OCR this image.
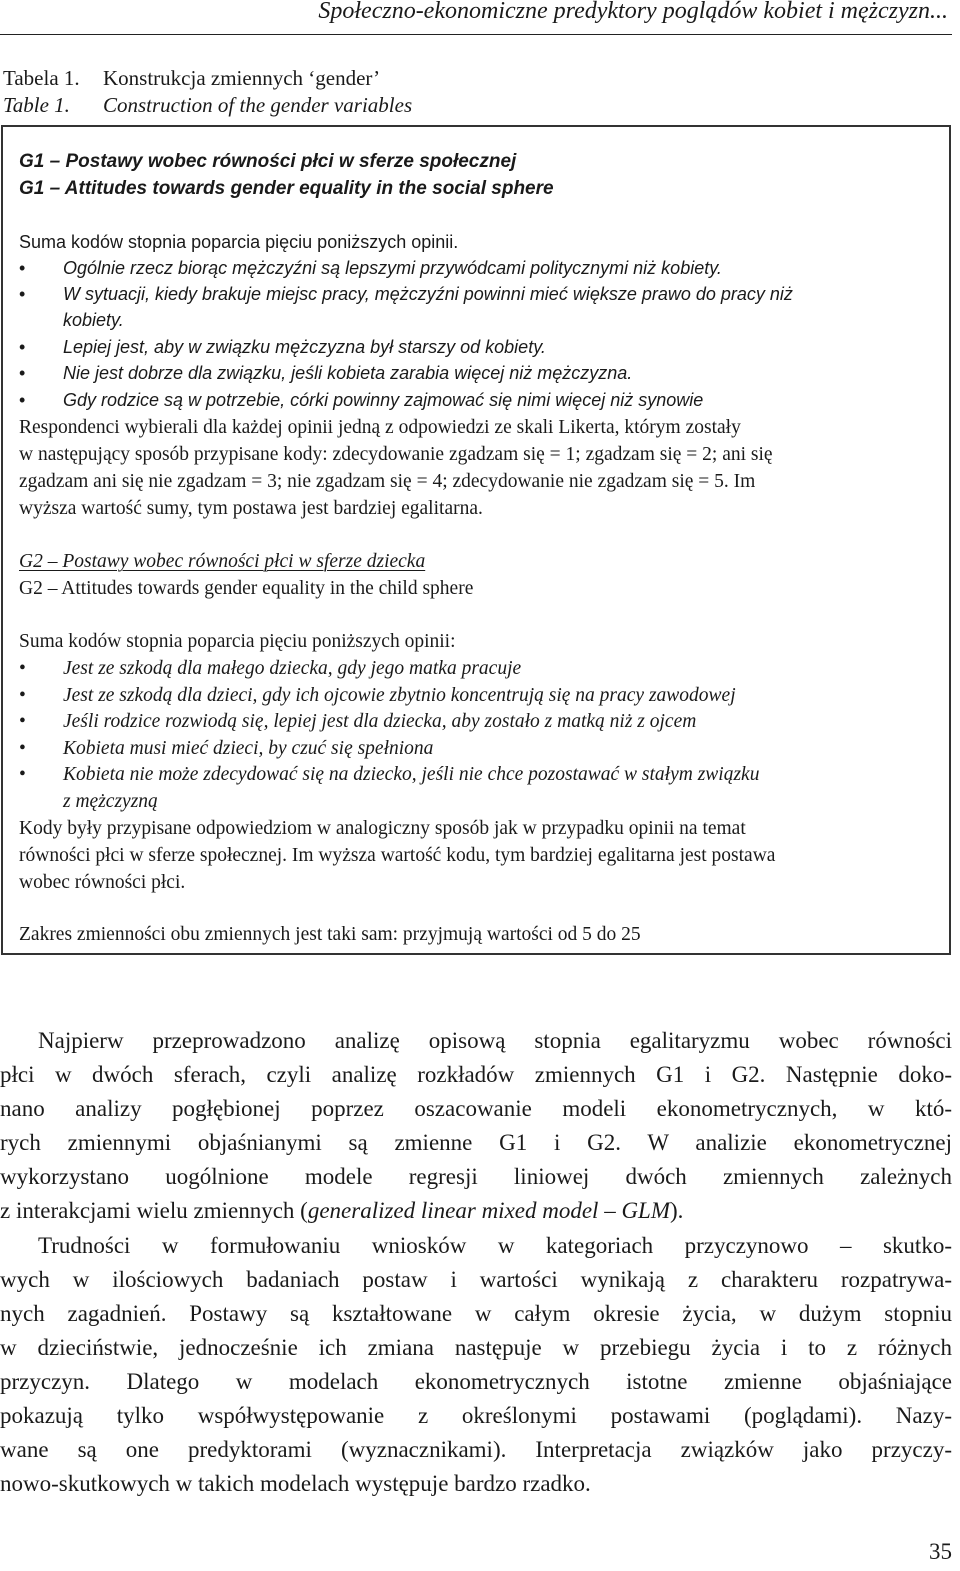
Społeczno-ekonomiczne predyktory poglądów kobiet i mężczyzn...
Tabela 1. Konstrukcja zmiennych ‘gender’
Table 1. Construction of the gender variables
G1 – Postawy wobec równości płci w sferze społecznej
G1 – Attitudes towards gender equality in the social sphere
Suma kodów stopnia poparcia pięciu poniższych opinii.
• Ogólnie rzecz biorąc mężczyźni są lepszymi przywódcami politycznymi niż kobiety.
• W sytuacji, kiedy brakuje miejsc pracy, mężczyźni powinni mieć większe prawo do pracy niż
kobiety.
• Lepiej jest, aby w związku mężczyzna był starszy od kobiety.
• Nie jest dobrze dla związku, jeśli kobieta zarabia więcej niż mężczyzna.
• Gdy rodzice są w potrzebie, córki powinny zajmować się nimi więcej niż synowie
Respondenci wybierali dla każdej opinii jedną z odpowiedzi ze skali Likerta, którym zostały
w następujący sposób przypisane kody: zdecydowanie zgadzam się = 1; zgadzam się = 2; ani się
zgadzam ani się nie zgadzam = 3; nie zgadzam się = 4; zdecydowanie nie zgadzam się = 5. Im
wyższa wartość sumy, tym postawa jest bardziej egalitarna.
G2 – Postawy wobec równości płci w sferze dziecka
G2 – Attitudes towards gender equality in the child sphere
Suma kodów stopnia poparcia pięciu poniższych opinii:
• Jest ze szkodą dla małego dziecka, gdy jego matka pracuje
• Jest ze szkodą dla dzieci, gdy ich ojcowie zbytnio koncentrują się na pracy zawodowej
• Jeśli rodzice rozwiodą się, lepiej jest dla dziecka, aby zostało z matką niż z ojcem
• Kobieta musi mieć dzieci, by czuć się spełniona
• Kobieta nie może zdecydować się na dziecko, jeśli nie chce pozostawać w stałym związku
z mężczyzną
Kody były przypisane odpowiedziom w analogiczny sposób jak w przypadku opinii na temat
równości płci w sferze społecznej. Im wyższa wartość kodu, tym bardziej egalitarna jest postawa
wobec równości płci.
Zakres zmienności obu zmiennych jest taki sam: przyjmują wartości od 5 do 25
Najpierw przeprowadzono analizę opisową stopnia egalitaryzmu wobec równości
płci w dwóch sferach, czyli analizę rozkładów zmiennych G1 i G2. Następnie doko-
nano analizy pogłębionej poprzez oszacowanie modeli ekonometrycznych, w któ-
rych zmiennymi objaśnianymi są zmienne G1 i G2. W analizie ekonometrycznej
wykorzystano uogólnione modele regresji liniowej dwóch zmiennych zależnych
z interakcjami wielu zmiennych (generalized linear mixed model – GLM).
Trudności w formułowaniu wniosków w kategoriach przyczynowo – skutko-
wych w ilościowych badaniach postaw i wartości wynikają z charakteru rozpatrywa-
nych zagadnień. Postawy są kształtowane w całym okresie życia, w dużym stopniu
w dzieciństwie, jednocześnie ich zmiana następuje w przebiegu życia i to z różnych
przyczyn. Dlatego w modelach ekonometrycznych istotne zmienne objaśniające
pokazują tylko współwystępowanie z określonymi postawami (poglądami). Nazy-
wane są one predyktorami (wyznacznikami). Interpretacja związków jako przyczy-
nowo-skutkowych w takich modelach występuje bardzo rzadko.
35
